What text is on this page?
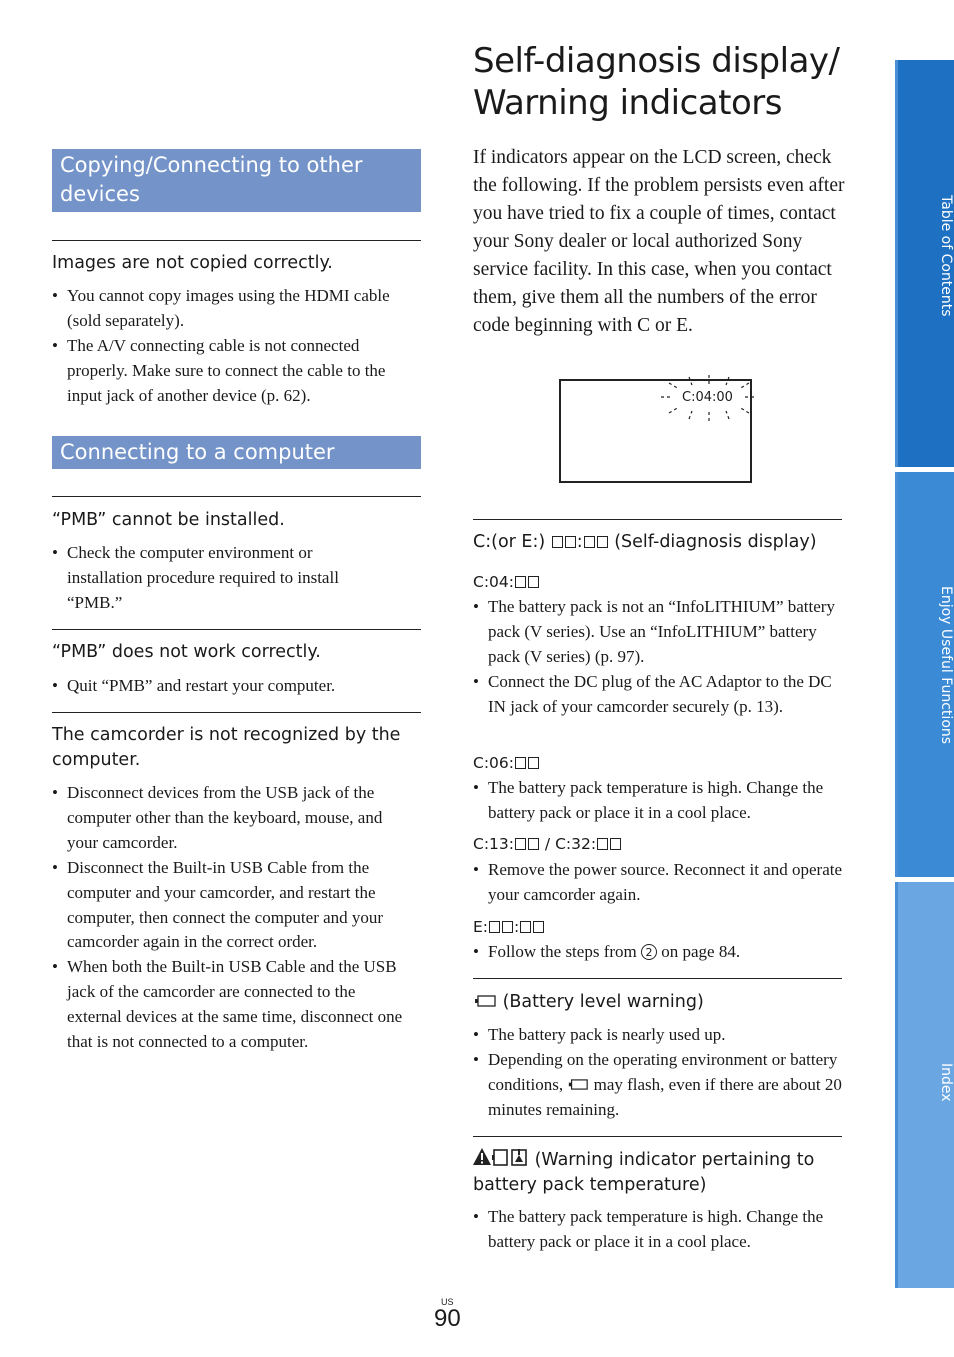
Copying/Connecting to other devices
Images are not copied correctly.
• You cannot copy images using the HDMI cable (sold separately).
• The A/V connecting cable is not connected properly. Make sure to connect the cable to the input jack of another device (p. 62).
Connecting to a computer
“PMB” cannot be installed.
• Check the computer environment or installation procedure required to install “PMB.”
“PMB” does not work correctly.
• Quit “PMB” and restart your computer.
The camcorder is not recognized by the computer.
• Disconnect devices from the USB jack of the computer other than the keyboard, mouse, and your camcorder.
• Disconnect the Built-in USB Cable from the computer and your camcorder, and restart the computer, then connect the computer and your camcorder again in the correct order.
• When both the Built-in USB Cable and the USB jack of the camcorder are connected to the external devices at the same time, disconnect one that is not connected to a computer.
Self-diagnosis display/
Warning indicators
If indicators appear on the LCD screen, check the following. If the problem persists even after you have tried to fix a couple of times, contact your Sony dealer or local authorized Sony service facility. In this case, when you contact them, give them all the numbers of the error code beginning with C or E.
C:04:00
C:(or E:) : (Self-diagnosis display)
C:04:
• The battery pack is not an “InfoLITHIUM” battery pack (V series). Use an “InfoLITHIUM” battery pack (V series) (p. 97).
• Connect the DC plug of the AC Adaptor to the DC IN jack of your camcorder securely (p. 13).
C:06:
• The battery pack temperature is high. Change the battery pack or place it in a cool place.
C:13: / C:32:
• Remove the power source. Reconnect it and operate your camcorder again.
E: :
• Follow the steps from 2 on page 84.
(Battery level warning)
• The battery pack is nearly used up.
• Depending on the operating environment or battery conditions,  may flash, even if there are about 20 minutes remaining.
(Warning indicator pertaining to battery pack temperature)
• The battery pack temperature is high. Change the battery pack or place it in a cool place.
Table of Contents
Enjoy Useful Functions
Index
US
90
